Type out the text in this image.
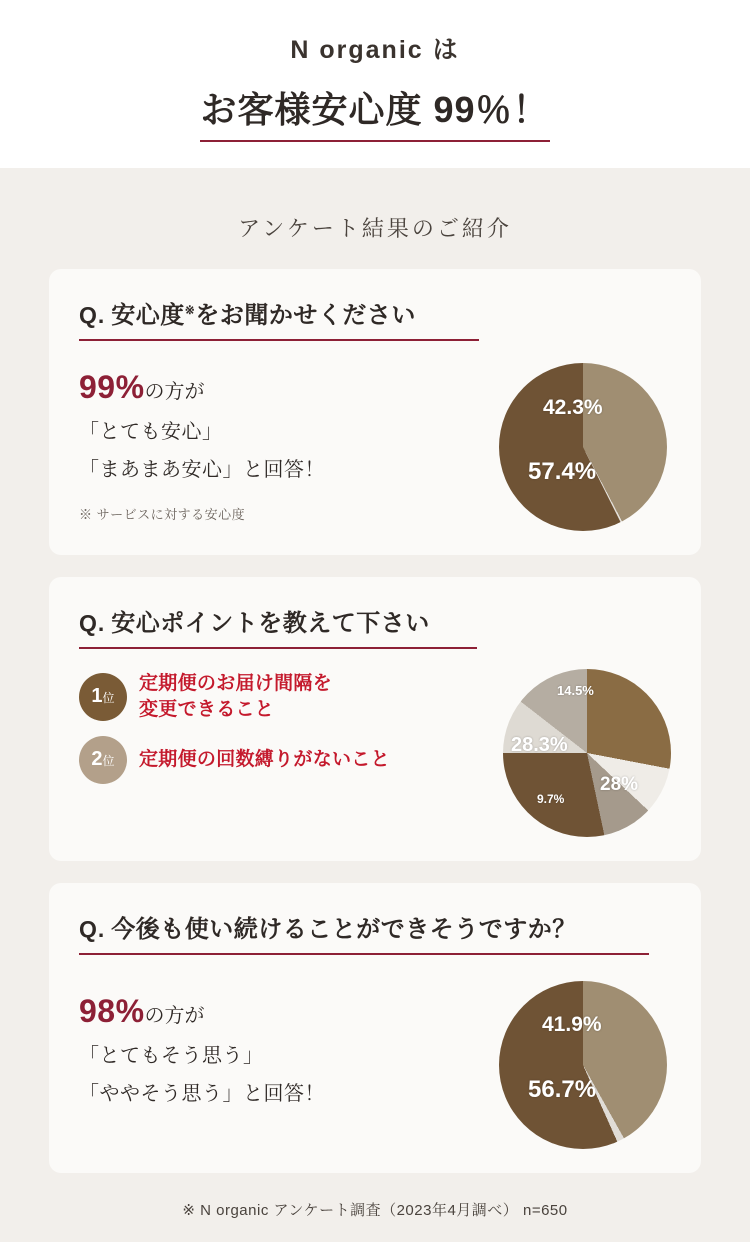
N organic は
お客様安心度 99％！
アンケート結果のご紹介
Q. 安心度※をお聞かせください
99%の方が
「とても安心」
「まあまあ安心」と回答！
※ サービスに対する安心度
42.3%
57.4%
Q. 安心ポイントを教えて下さい
1 位
定期便のお届け間隔を
変更できること
2 位 定期便の回数縛りがないこと
14.5%
28.3%
9.7%
28%
Q. 今後も使い続けることができそうですか？
98%の方が
「とてもそう思う」
「ややそう思う」と回答！
41.9%
56.7%
※ N organic アンケート調査（2023年4月調べ） n=650
